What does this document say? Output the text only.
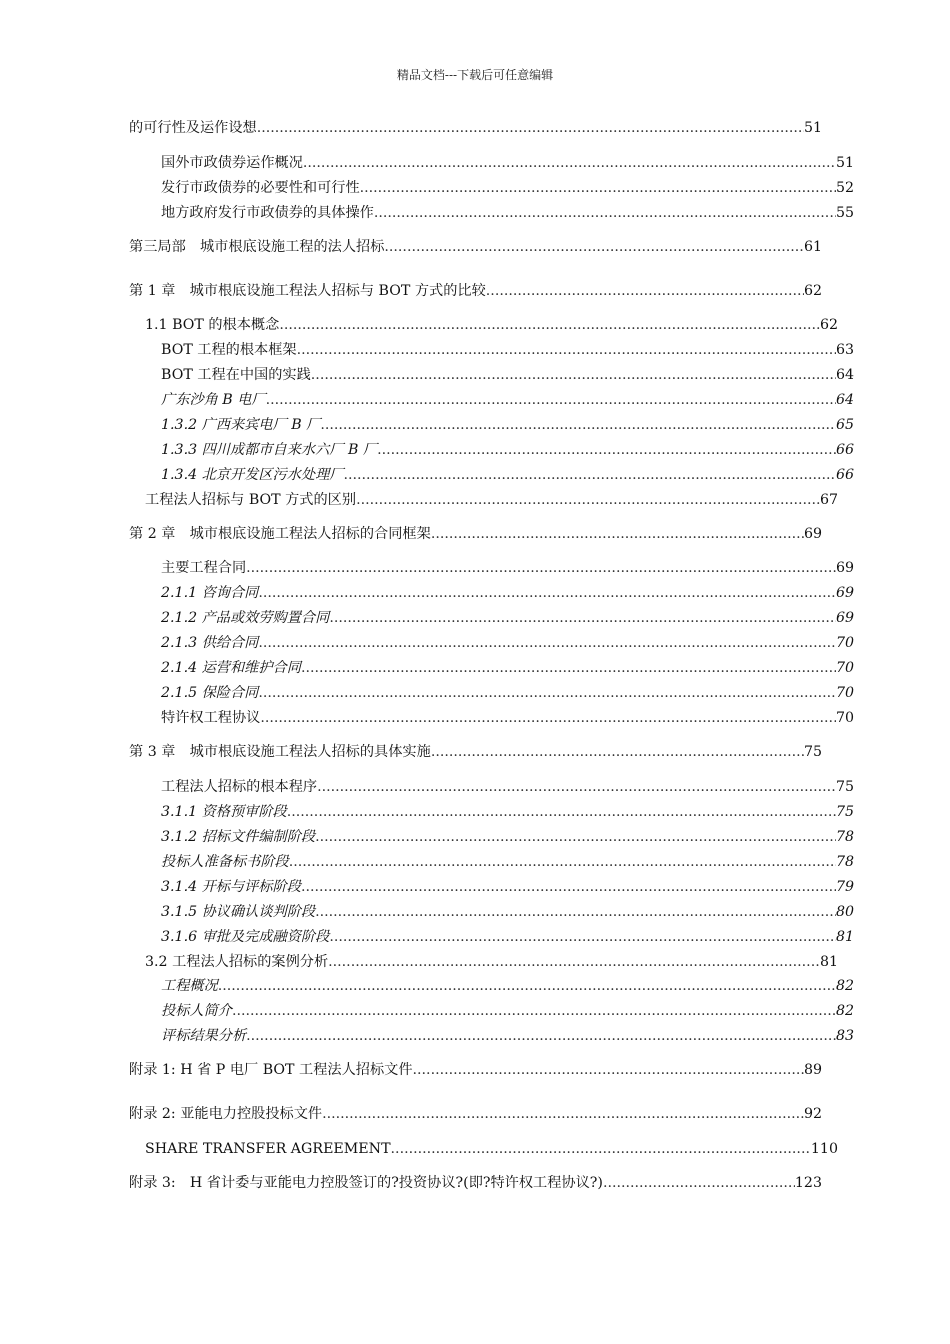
精品文档---下载后可任意编辑
的可行性及运作设想 .....	51
国外市政债券运作概况 .....	51
发行市政债券的必要性和可行性 .....	52
地方政府发行市政债券的具体操作 .....	55
第三局部　城市根底设施工程的法人招标 .....	61
第 1 章　城市根底设施工程法人招标与 BOT 方式的比较 .....	62
1.1 BOT 的根本概念 .....	62
BOT 工程的根本框架 .....	63
BOT 工程在中国的实践 .....	64
广东沙角 B 电厂 .....	64
1.3.2 广西来宾电厂 B 厂 .....	65
1.3.3 四川成都市自来水六厂 B 厂 .....	66
1.3.4 北京开发区污水处理厂 .....	66
工程法人招标与 BOT 方式的区别 .....	67
第 2 章　城市根底设施工程法人招标的合同框架 .....	69
主要工程合同 .....	69
2.1.1 咨询合同 .....	69
2.1.2 产品或效劳购置合同 .....	69
2.1.3 供给合同 .....	70
2.1.4 运营和维护合同 .....	70
2.1.5 保险合同 .....	70
特许权工程协议 .....	70
第 3 章　城市根底设施工程法人招标的具体实施 .....	75
工程法人招标的根本程序 .....	75
3.1.1 资格预审阶段 .....	75
3.1.2 招标文件编制阶段 .....	78
投标人准备标书阶段 .....	78
3.1.4 开标与评标阶段 .....	79
3.1.5 协议确认谈判阶段 .....	80
3.1.6 审批及完成融资阶段 .....	81
3.2 工程法人招标的案例分析 .....	81
工程概况 .....	82
投标人简介 .....	82
评标结果分析 .....	83
附录 1: H 省 P 电厂 BOT 工程法人招标文件 .....	89
附录 2: 亚能电力控股投标文件 .....	92
SHARE TRANSFER AGREEMENT .....	110
附录 3:　H 省计委与亚能电力控股签订的?投资协议?(即?特许权工程协议?) .....	123
